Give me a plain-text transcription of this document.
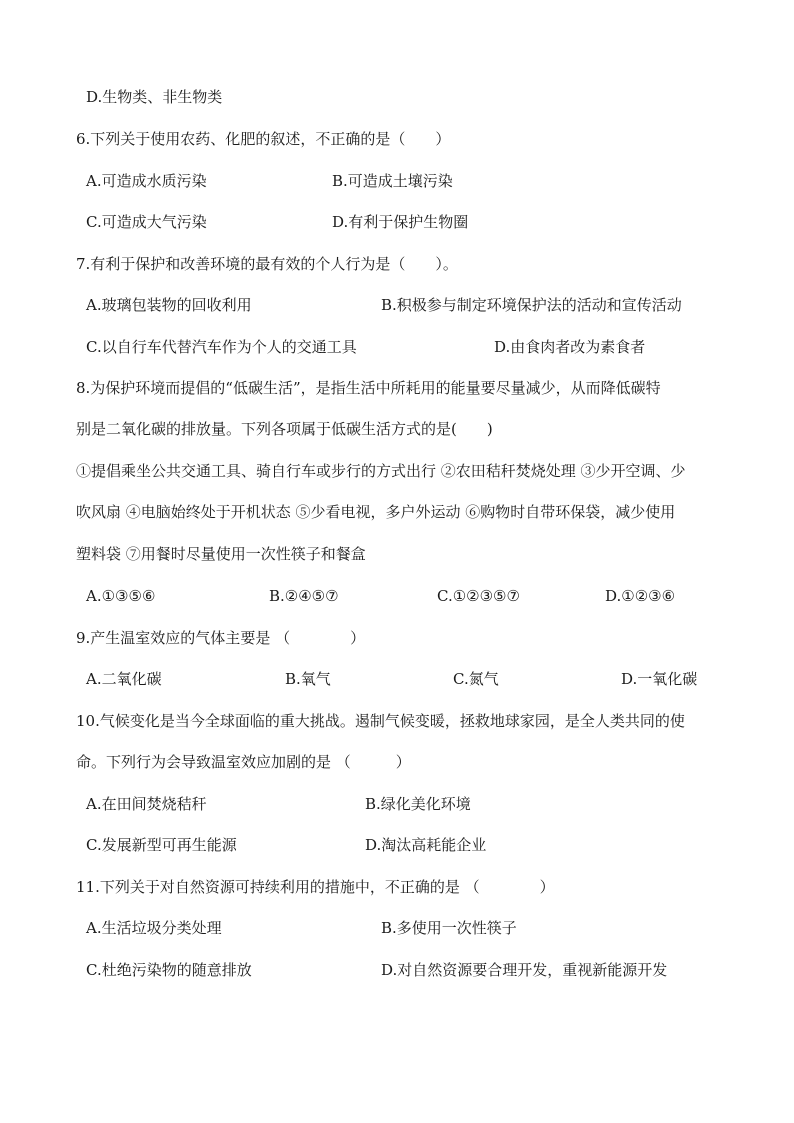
D.生物类、非生物类
6.下列关于使用农药、化肥的叙述，不正确的是（　　）
A.可造成水质污染	B.可造成土壤污染
C.可造成大气污染	D.有利于保护生物圈
7.有利于保护和改善环境的最有效的个人行为是（　　）。
A.玻璃包装物的回收利用	B.积极参与制定环境保护法的活动和宣传活动
C.以自行车代替汽车作为个人的交通工具	D.由食肉者改为素食者
8.为保护环境而提倡的“低碳生活”，是指生活中所耗用的能量要尽量减少，从而降低碳特
别是二氧化碳的排放量。下列各项属于低碳生活方式的是(　　)
①提倡乘坐公共交通工具、骑自行车或步行的方式出行 ②农田秸秆焚烧处理 ③少开空调、少
吹风扇 ④电脑始终处于开机状态 ⑤少看电视，多户外运动 ⑥购物时自带环保袋，减少使用
塑料袋 ⑦用餐时尽量使用一次性筷子和餐盒
A.①③⑤⑥	B.②④⑤⑦	C.①②③⑤⑦	D.①②③⑥
9.产生温室效应的气体主要是 （　　　　）
A.二氧化碳	B.氧气	C.氮气	D.一氧化碳
10.气候变化是当今全球面临的重大挑战。遏制气候变暖，拯救地球家园，是全人类共同的使
命。下列行为会导致温室效应加剧的是 （　　　）
A.在田间焚烧秸秆	B.绿化美化环境
C.发展新型可再生能源	D.淘汰高耗能企业
11.下列关于对自然资源可持续利用的措施中，不正确的是 （　　　　）
A.生活垃圾分类处理	B.多使用一次性筷子
C.杜绝污染物的随意排放	D.对自然资源要合理开发，重视新能源开发
